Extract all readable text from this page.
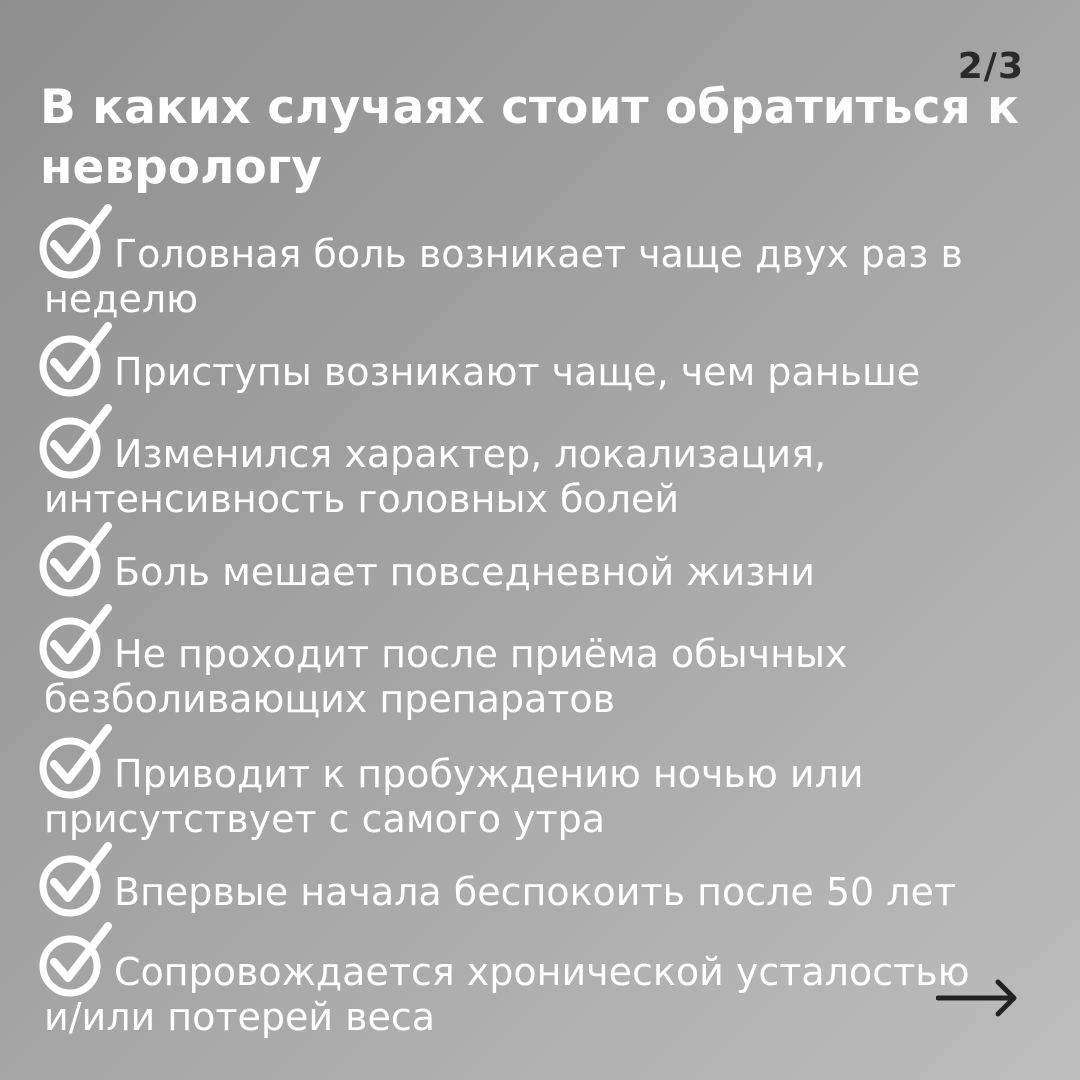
2/3
В каких случаях стоит обратиться к неврологу

Головная боль возникает чаще двух раз в неделю

Приступы возникают чаще, чем раньше

Изменился характер, локализация, интенсивность головных болей

Боль мешает повседневной жизни

Не проходит после приёма обычных безболивающих препаратов

Приводит к пробуждению ночью или присутствует с самого утра

Впервые начала беспокоить после 50 лет

Сопровождается хронической усталостью и/или потерей веса
